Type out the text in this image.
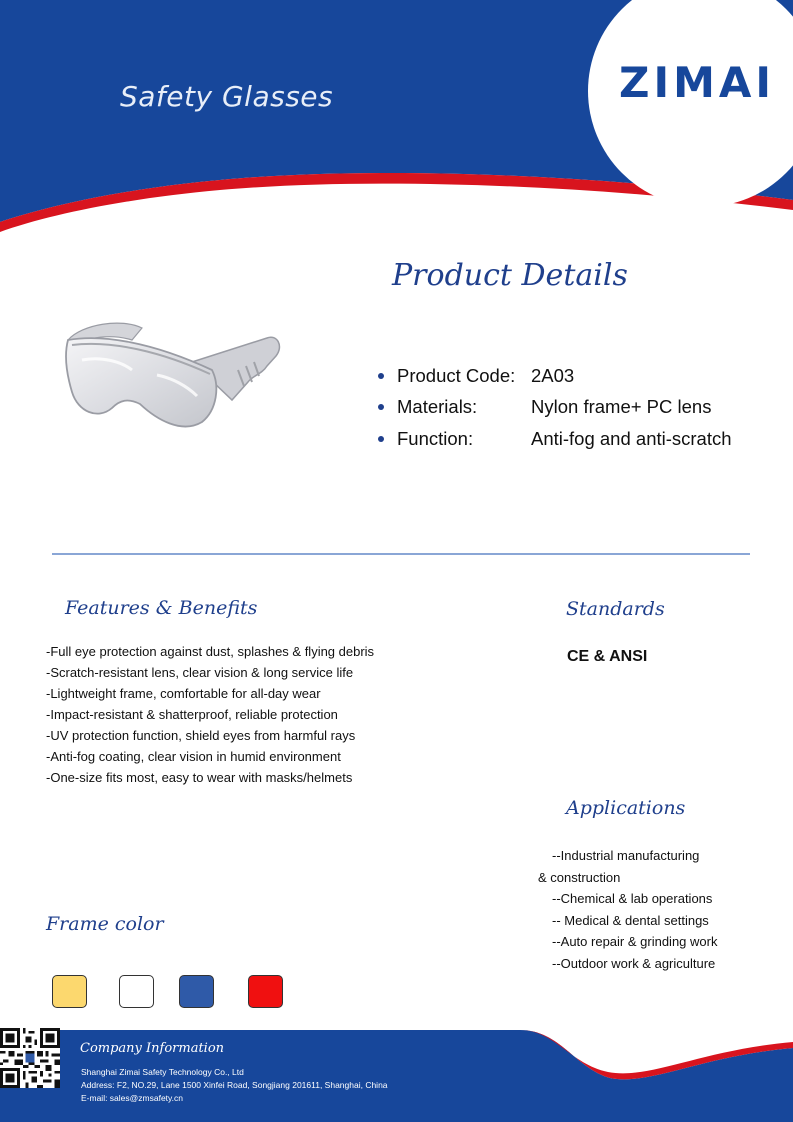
Safety Glasses	ZIMAI
Product Details
Product Code: 2A03
Materials:	Nylon frame+ PC lens
Function:	Anti-fog and anti-scratch
Features & Benefits
-Full eye protection against dust, splashes & flying debris
-Scratch-resistant lens, clear vision & long service life
-Lightweight frame, comfortable for all-day wear
-Impact-resistant & shatterproof, reliable protection
-UV protection function, shield eyes from harmful rays
-Anti-fog coating, clear vision in humid environment
-One-size fits most, easy to wear with masks/helmets
Standards
CE & ANSI
Applications
--Industrial manufacturing
& construction
--Chemical & lab operations
-- Medical & dental settings
--Auto repair & grinding work
--Outdoor work & agriculture
Frame color
Company Information
Shanghai Zimai Safety Technology Co., Ltd
Address: F2, NO.29, Lane 1500 Xinfei Road, Songjiang 201611, Shanghai, China
E-mail: sales@zmsafety.cn
